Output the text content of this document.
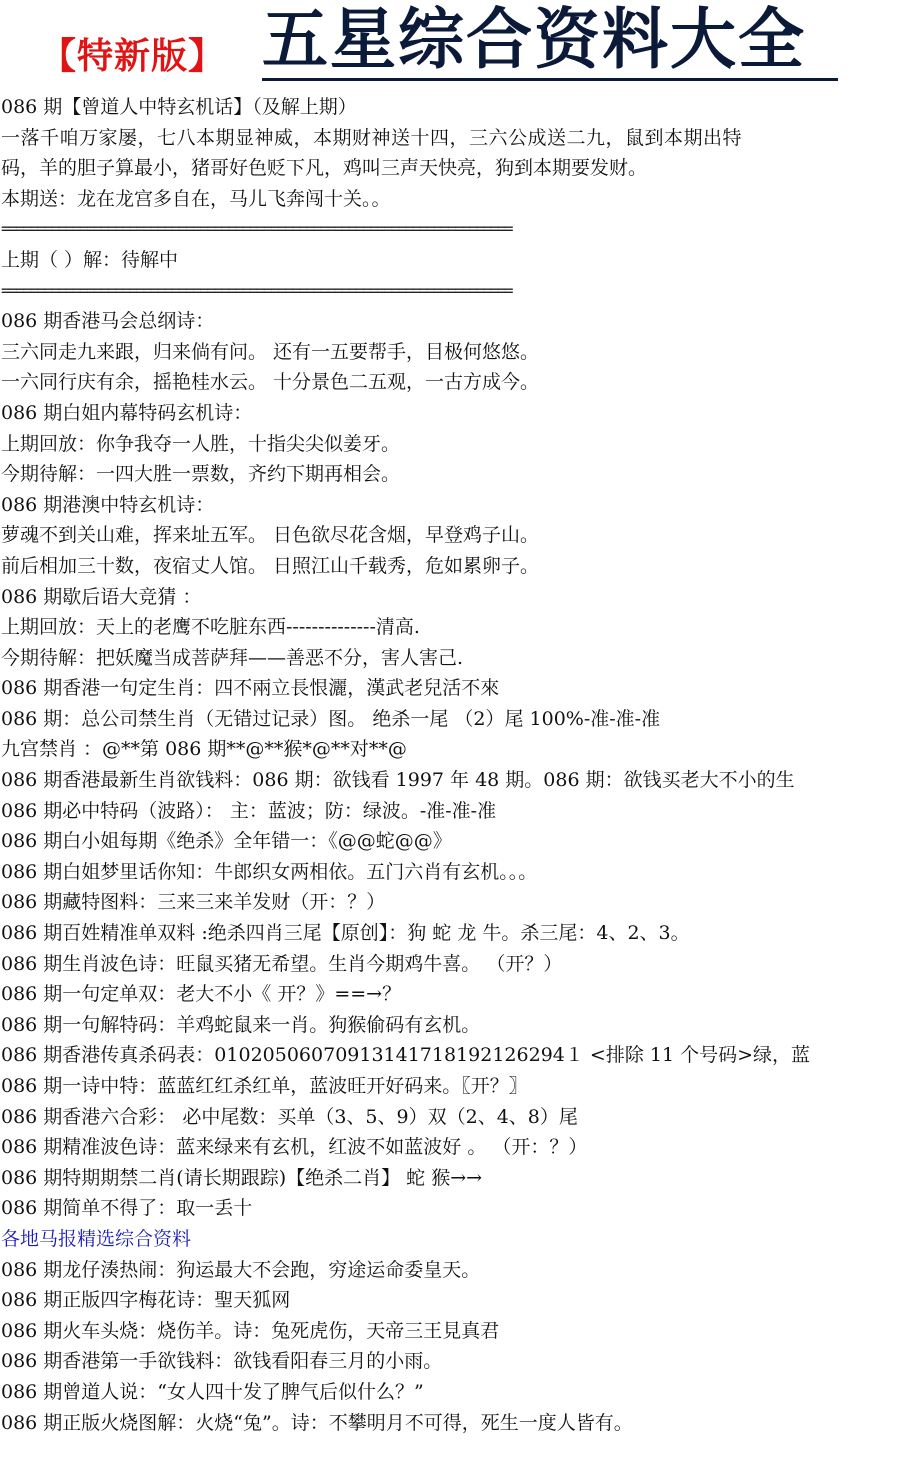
【特新版】 五星综合资料大全
086 期【曾道人中特玄机话】（及解上期）
一落千咱万家屡，七八本期显神威，本期财神送十四，三六公成送二九，鼠到本期出特
码，羊的胆子算最小，猪哥好色贬下凡，鸡叫三声天快亮，狗到本期要发财。
本期送：龙在龙宫多自在，马儿飞奔闯十关。。
========================================================================
上期（ ）解：待解中
========================================================================
086 期香港马会总纲诗：
三六同走九来跟，归来倘有问。 还有一五要帮手，目极何悠悠。
一六同行庆有余，摇艳桂水云。 十分景色二五观，一古方成今。
086 期白姐内幕特码玄机诗：
上期回放：你争我夺一人胜，十指尖尖似姜牙。
今期待解：一四大胜一票数，齐约下期再相会。
086 期港澳中特玄机诗：
萝魂不到关山难，挥来址五军。 日色欲尽花含烟，早登鸡子山。
前后相加三十数，夜宿丈人馆。 日照江山千载秀，危如累卵子。
086 期歇后语大竞猜 ：
上期回放：天上的老鹰不吃脏东西--------------清高.
今期待解：把妖魔当成菩萨拜——善恶不分，害人害己.
086 期香港一句定生肖：四不兩立長恨灑，漢武老兒活不來
086 期：总公司禁生肖（无错过记录）图。 绝杀一尾 （2）尾 100%-准-准-准
九宫禁肖 ：@**第 086 期**@**猴*@**对**@
086 期香港最新生肖欲钱料：086 期：欲钱看 1997 年 48 期。086 期：欲钱买老大不小的生
086 期必中特码（波路）： 主：蓝波；防：绿波。-准-准-准
086 期白小姐每期《绝杀》全年错一：《@@蛇@@》
086 期白姐梦里话你知：牛郎织女两相依。五门六肖有玄机。。。
086 期藏特图料：三来三来羊发财（开：？）
086 期百姓精准单双料 :绝杀四肖三尾【原创】：狗 蛇 龙 牛。杀三尾：4、2、3。
086 期生肖波色诗：旺鼠买猪无希望。生肖今期鸡牛喜。 （开？）
086 期一句定单双：老大不小《 开？》==→？
086 期一句解特码：羊鸡蛇鼠来一肖。狗猴偷码有玄机。
086 期香港传真杀码表：01020506070913141718192126294１ <排除 11 个号码>绿，蓝
086 期一诗中特：蓝蓝红红杀红单，蓝波旺开好码来。〖开？〗
086 期香港六合彩： 必中尾数：买单（3、5、9）双（2、4、8）尾
086 期精准波色诗：蓝来绿来有玄机，红波不如蓝波好 。 （开：？）
086 期特期期禁二肖(请长期跟踪)【绝杀二肖】 蛇 猴→→
086 期简单不得了：取一丢十
各地马报精选综合资料
086 期龙仔湊热闹：狗运最大不会跑，穷途运命委皇天。
086 期正版四字梅花诗：聖天狐网
086 期火车头烧：烧伤羊。诗：兔死虎伤，天帝三王見真君
086 期香港第一手欲钱料：欲钱看阳春三月的小雨。
086 期曾道人说：“女人四十发了脾气后似什么？”
086 期正版火烧图解：火烧“兔”。诗：不攀明月不可得，死生一度人皆有。
